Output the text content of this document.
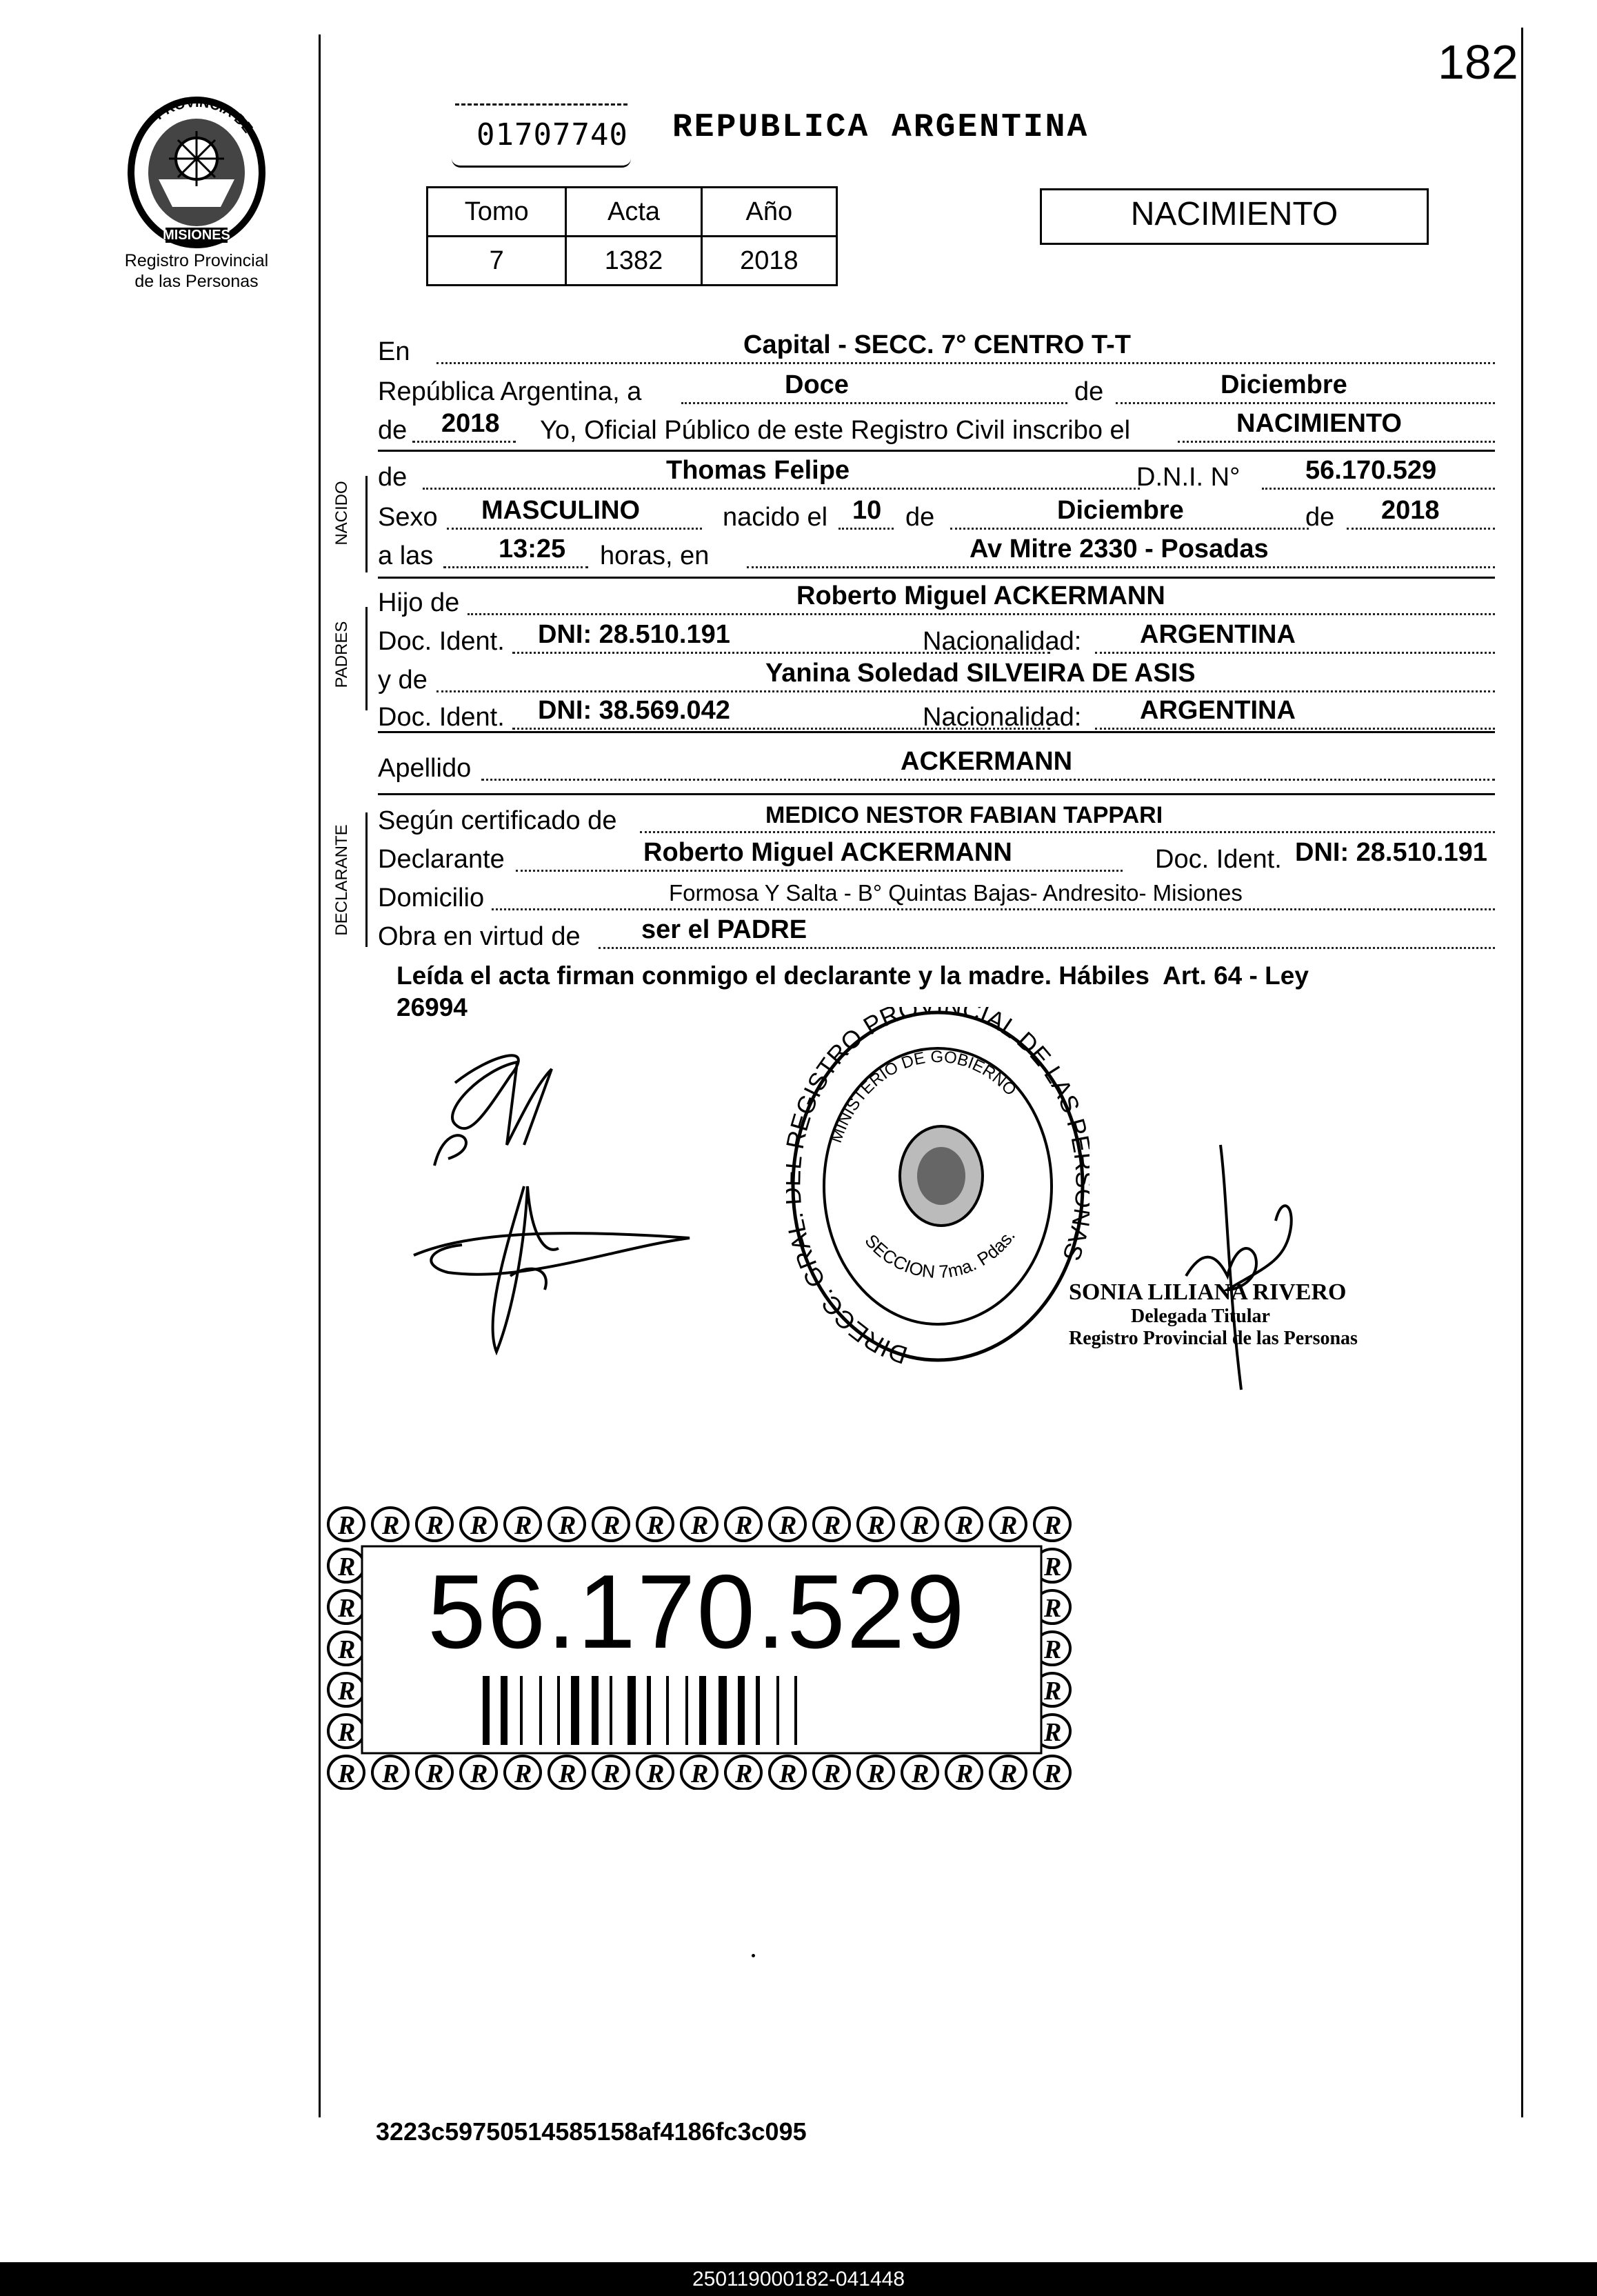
182
PROVINCIA DE
MISIONES
Registro Provincial
de las Personas
01707740 REPUBLICA ARGENTINA
Tomo	Acta	Año
7	1382	2018
NACIMIENTO
En	Capital - SECC. 7° CENTRO T-T
República Argentina, a	Doce	de	Diciembre
de 2018 Yo, Oficial Público de este Registro Civil inscribo el	NACIMIENTO
NACIDO
de	Thomas Felipe	D.N.I. N° 56.170.529
Sexo MASCULINO	nacido el 10 de	Diciembre	de 2018
a las 13:25 horas, en	Av Mitre 2330 - Posadas
PADRES
Hijo de	Roberto Miguel ACKERMANN
Doc. Ident. DNI: 28.510.191	Nacionalidad: ARGENTINA
y de	Yanina Soledad SILVEIRA DE ASIS
Doc. Ident. DNI: 38.569.042	Nacionalidad: ARGENTINA
Apellido	ACKERMANN
DECLARANTE
Según certificado de	MEDICO NESTOR FABIAN TAPPARI
Declarante	Roberto Miguel ACKERMANN	Doc. Ident. DNI: 28.510.191
Domicilio	Formosa Y Salta - B° Quintas Bajas- Andresito- Misiones
Obra en virtud de ser el PADRE
Leída el acta firman conmigo el declarante y la madre. Hábiles  Art. 64 - Ley
26994
DIRECC. GRA EGISTRO PRO CIAL DE LAS S
MINISTERIO DE GOBIERNO
SECCION 7ma. Pdas.
SONIA LILIANA RIVERO
Delegada Titular
Registro Provincial de las Personas
56.170.529
3223c59750514585158af4186fc3c095
250119000182-041448
